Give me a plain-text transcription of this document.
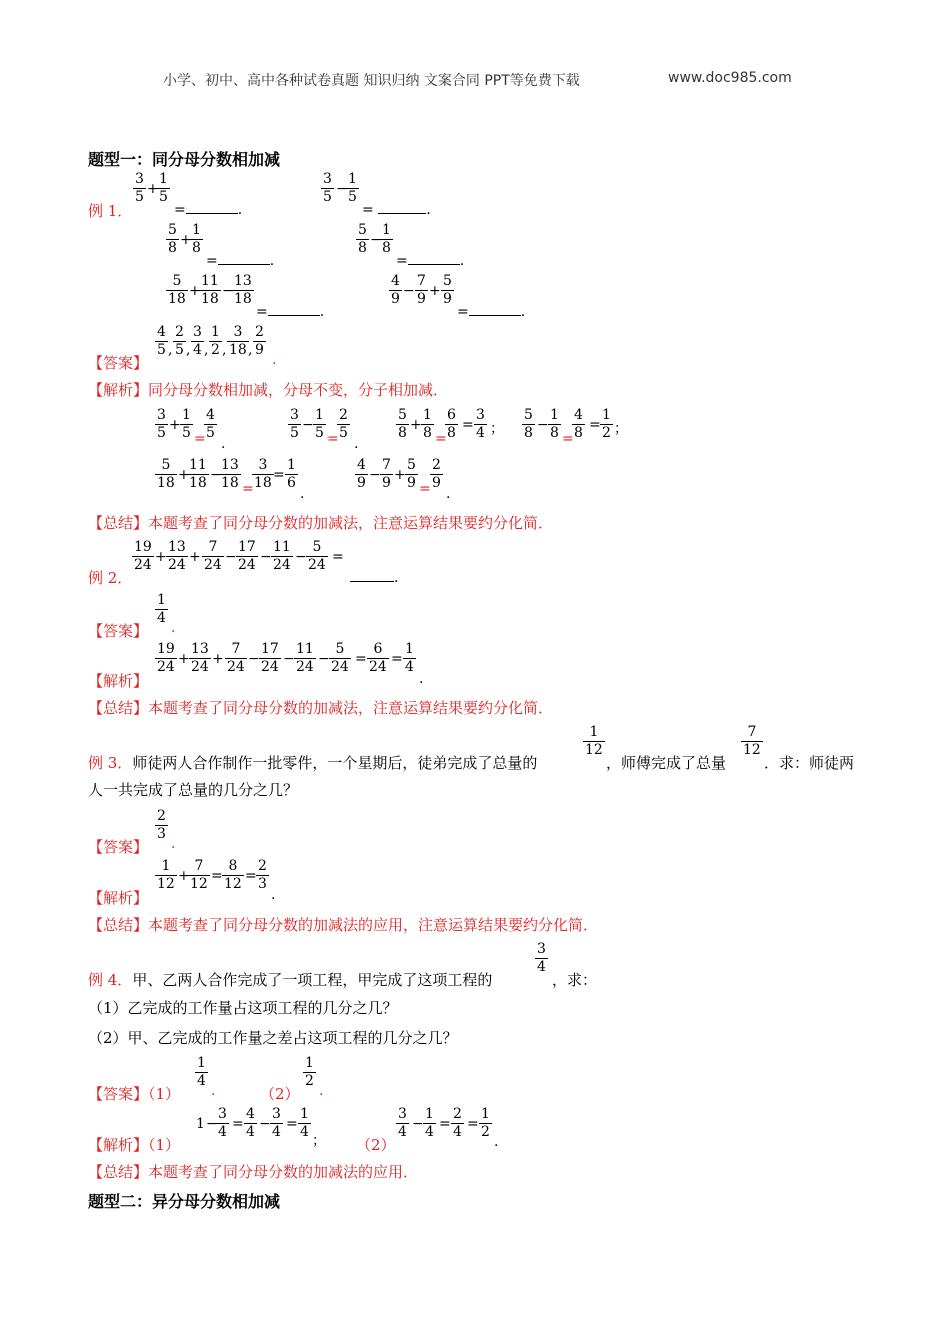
小学、初中、高中各种试卷真题 知识归纳 文案合同 PPT等免费下载	www.doc985.com
题型一：同分母分数相加减
例 1．
3
5 +
1
5
=	.
3
5 −
1
5
=	.
5
8 +
1
8
=	.
5
8 −
1
8
=	.
5
18 +
11
18 −
13
18
=	.
4
9 −
7
9 +
5
9
=	.
【答案】
4
5 ,
2
5 ,
3
4 ,
1
2 ,
3
18 ,
2
9
.
【解析】同分母分数相加减，分母不变，分子相加减．
3
5 +
1
5 =
4
5
.
3
5 −
1
5 =
2
5
.
5
8 +
1
8 =
6
8 =
3
4 ；
5
8 −
1
8 =
4
8 =
1
2 ；
5
18 +
11
18 −
13
18 =
3
18 =
1
6
.
4
9 −
7
9 +
5
9 =
2
9
.
【总结】本题考查了同分母分数的加减法，注意运算结果要约分化简．
例 2．
19
24 +
13
24 +
7
24 −
17
24 −
11
24 −
5
24 =
.
【答案】
1
4
.
【解析】
19
24 +
13
24 +
7
24 −
17
24 −
11
24 −
5
24 =
6
24 =
1
4
.
【总结】本题考查了同分母分数的加减法，注意运算结果要约分化简．
例 3．师徒两人合作制作一批零件，一个星期后，徒弟完成了总量的
1
12
，师傅完成了总量
7
12
．求：师徒两
人一共完成了总量的几分之几？
【答案】
2
3
.
【解析】
1
12 +
7
12 =
8
12 =
2
3
.
【总结】本题考查了同分母分数的加减法的应用，注意运算结果要约分化简．
例 4．甲、乙两人合作完成了一项工程，甲完成了这项工程的
3
4
，求：
（1）乙完成的工作量占这项工程的几分之几？
（2）甲、乙完成的工作量之差占这项工程的几分之几？
【答案】（1）
1
4
.	（2）
1
2
.
【解析】（1）
1 −
3
4 =
4
4 −
3
4 =
1
4
； （2）
3
4 −
1
4 =
2
4 =
1
2
.
【总结】本题考查了同分母分数的加减法的应用．
题型二：异分母分数相加减
